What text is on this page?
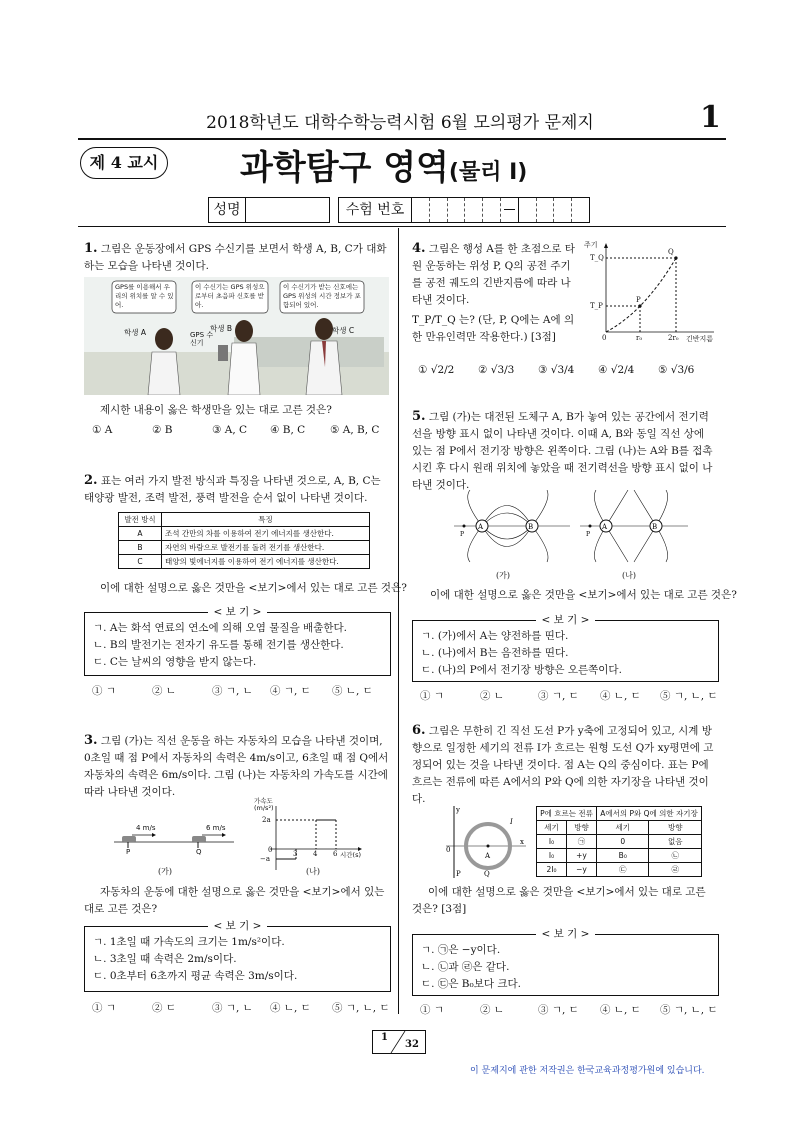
2018학년도 대학수학능력시험 6월 모의평가 문제지	1
제 4 교시 과학탐구 영역(물리 I)
성명	수험 번호
1. 그림은 운동장에서 GPS 수신기를 보면서 학생 A, B, C가 대화하는 모습을 나타낸 것이다.
GPS를 이용해서 우리의 위치를 알 수 있어.
이 수신기는 GPS 위성으로부터 초음파 신호를 받아.
이 수신기가 받는 신호에는 GPS 위성의 시간 정보가 포함되어 있어.
학생 A	학생 B	학생 C
GPS 수신기
제시한 내용이 옳은 학생만을 있는 대로 고른 것은?
① A	② B	③ A, C	④ B, C	⑤ A, B, C
2. 표는 여러 가지 발전 방식과 특징을 나타낸 것으로, A, B, C는 태양광 발전, 조력 발전, 풍력 발전을 순서 없이 나타낸 것이다.
발전 방식	특징
A	조석 간만의 차를 이용하여 전기 에너지를 생산한다.
B	자연의 바람으로 발전기를 돌려 전기를 생산한다.
C	태양의 빛에너지를 이용하여 전기 에너지를 생산한다.
이에 대한 설명으로 옳은 것만을 <보기>에서 있는 대로 고른 것은?
< 보 기 >
ㄱ. A는 화석 연료의 연소에 의해 오염 물질을 배출한다.
ㄴ. B의 발전기는 전자기 유도를 통해 전기를 생산한다.
ㄷ. C는 날씨의 영향을 받지 않는다.
① ㄱ	② ㄴ	③ ㄱ, ㄴ	④ ㄱ, ㄷ	⑤ ㄴ, ㄷ
3. 그림 (가)는 직선 운동을 하는 자동차의 모습을 나타낸 것이며, 0초일 때 점 P에서 자동차의 속력은 4m/s이고, 6초일 때 점 Q에서 자동차의 속력은 6m/s이다. 그림 (나)는 자동차의 가속도를 시간에 따라 나타낸 것이다.
4 m/s	6 m/s
P	Q
(가)
가속도 (m/s²)
2a
−a
0	3 4 6 시간(s)
(나)
자동차의 운동에 대한 설명으로 옳은 것만을 <보기>에서 있는 대로 고른 것은?
< 보 기 >
ㄱ. 1초일 때 가속도의 크기는 1m/s²이다.
ㄴ. 3초일 때 속력은 2m/s이다.
ㄷ. 0초부터 6초까지 평균 속력은 3m/s이다.
① ㄱ	② ㄷ	③ ㄱ, ㄴ	④ ㄴ, ㄷ	⑤ ㄱ, ㄴ, ㄷ
4. 그림은 행성 A를 한 초점으로 타원 운동하는 위성 P, Q의 공전 주기를 공전 궤도의 긴반지름에 따라 나타낸 것이다.
주기
T_Q
T_P
0	r₀	2r₀ 긴반지름
P
Q
T_P/T_Q 는? (단, P, Q에는 A에 의한 만유인력만 작용한다.) [3점]
① √2/2	② √3/3	③ √3/4	④ √2/4	⑤ √3/6
5. 그림 (가)는 대전된 도체구 A, B가 놓여 있는 공간에서 전기력선을 방향 표시 없이 나타낸 것이다. 이때 A, B와 동일 직선 상에 있는 점 P에서 전기장 방향은 왼쪽이다. 그림 (나)는 A와 B를 접촉시킨 후 다시 원래 위치에 놓았을 때 전기력선을 방향 표시 없이 나타낸 것이다.
A	B	A	B
P	P
(가)	(나)
이에 대한 설명으로 옳은 것만을 <보기>에서 있는 대로 고른 것은?
< 보 기 >
ㄱ. (가)에서 A는 양전하를 띤다.
ㄴ. (나)에서 B는 음전하를 띤다.
ㄷ. (나)의 P에서 전기장 방향은 오른쪽이다.
① ㄱ	② ㄴ	③ ㄱ, ㄷ	④ ㄴ, ㄷ	⑤ ㄱ, ㄴ, ㄷ
6. 그림은 무한히 긴 직선 도선 P가 y축에 고정되어 있고, 시계 방향으로 일정한 세기의 전류 I가 흐르는 원형 도선 Q가 xy평면에 고정되어 있는 것을 나타낸 것이다. 점 A는 Q의 중심이다. 표는 P에 흐르는 전류에 따른 A에서의 P와 Q에 의한 자기장을 나타낸 것이다.
A
y
x
0
P	Q
I
P에 흐르는 전류		A에서의 P와 Q에 의한 자기장	
세기	방향	세기	방향
I₀	㉠	0	없음
I₀	+y	B₀	㉡
2I₀	−y	㉢	㉣
이에 대한 설명으로 옳은 것만을 <보기>에서 있는 대로 고른 것은? [3점]
< 보 기 >
ㄱ. ㉠은 −y이다.
ㄴ. ㉡과 ㉣은 같다.
ㄷ. ㉢은 B₀보다 크다.
① ㄱ	② ㄴ	③ ㄱ, ㄷ	④ ㄴ, ㄷ	⑤ ㄱ, ㄴ, ㄷ
1
32
이 문제지에 관한 저작권은 한국교육과정평가원에 있습니다.
